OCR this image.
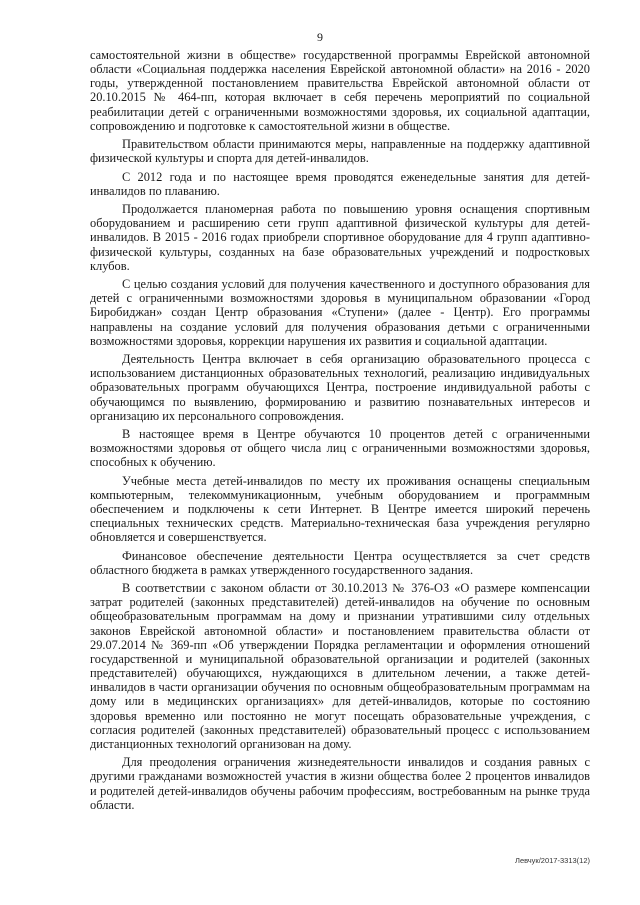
9

самостоятельной жизни в обществе» государственной программы Еврейской автономной области «Социальная поддержка населения Еврейской автономной области» на 2016 - 2020 годы, утвержденной постановлением правительства Еврейской автономной области от 20.10.2015 № 464-пп, которая включает в себя перечень мероприятий по социальной реабилитации детей с ограниченными возможностями здоровья, их социальной адаптации, сопровождению и подготовке к самостоятельной жизни в обществе.

Правительством области принимаются меры, направленные на поддержку адаптивной физической культуры и спорта для детей-инвалидов.

С 2012 года и по настоящее время проводятся еженедельные занятия для детей-инвалидов по плаванию.

Продолжается планомерная работа по повышению уровня оснащения спортивным оборудованием и расширению сети групп адаптивной физической культуры для детей-инвалидов. В 2015 - 2016 годах приобрели спортивное оборудование для 4 групп адаптивно-физической культуры, созданных на базе образовательных учреждений и подростковых клубов.

С целью создания условий для получения качественного и доступного образования для детей с ограниченными возможностями здоровья в муниципальном образовании «Город Биробиджан» создан Центр образования «Ступени» (далее - Центр). Его программы направлены на создание условий для получения образования детьми с ограниченными возможностями здоровья, коррекции нарушения их развития и социальной адаптации.

Деятельность Центра включает в себя организацию образовательного процесса с использованием дистанционных образовательных технологий, реализацию индивидуальных образовательных программ обучающихся Центра, построение индивидуальной работы с обучающимся по выявлению, формированию и развитию познавательных интересов и организацию их персонального сопровождения.

В настоящее время в Центре обучаются 10 процентов детей с ограниченными возможностями здоровья от общего числа лиц с ограниченными возможностями здоровья, способных к обучению.

Учебные места детей-инвалидов по месту их проживания оснащены специальным компьютерным, телекоммуникационным, учебным оборудованием и программным обеспечением и подключены к сети Интернет. В Центре имеется широкий перечень специальных технических средств. Материально-техническая база учреждения регулярно обновляется и совершенствуется.

Финансовое обеспечение деятельности Центра осуществляется за счет средств областного бюджета в рамках утвержденного государственного задания.

В соответствии с законом области от 30.10.2013 № 376-ОЗ «О размере компенсации затрат родителей (законных представителей) детей-инвалидов на обучение по основным общеобразовательным программам на дому и признании утратившими силу отдельных законов Еврейской автономной области» и постановлением правительства области от 29.07.2014 № 369-пп «Об утверждении Порядка регламентации и оформления отношений государственной и муниципальной образовательной организации и родителей (законных представителей) обучающихся, нуждающихся в длительном лечении, а также детей-инвалидов в части организации обучения по основным общеобразовательным программам на дому или в медицинских организациях» для детей-инвалидов, которые по состоянию здоровья временно или постоянно не могут посещать образовательные учреждения, с согласия родителей (законных представителей) образовательный процесс с использованием дистанционных технологий организован на дому.

Для преодоления ограничения жизнедеятельности инвалидов и создания равных с другими гражданами возможностей участия в жизни общества более 2 процентов инвалидов и родителей детей-инвалидов обучены рабочим профессиям, востребованным на рынке труда области.

Левчук/2017-3313(12)
